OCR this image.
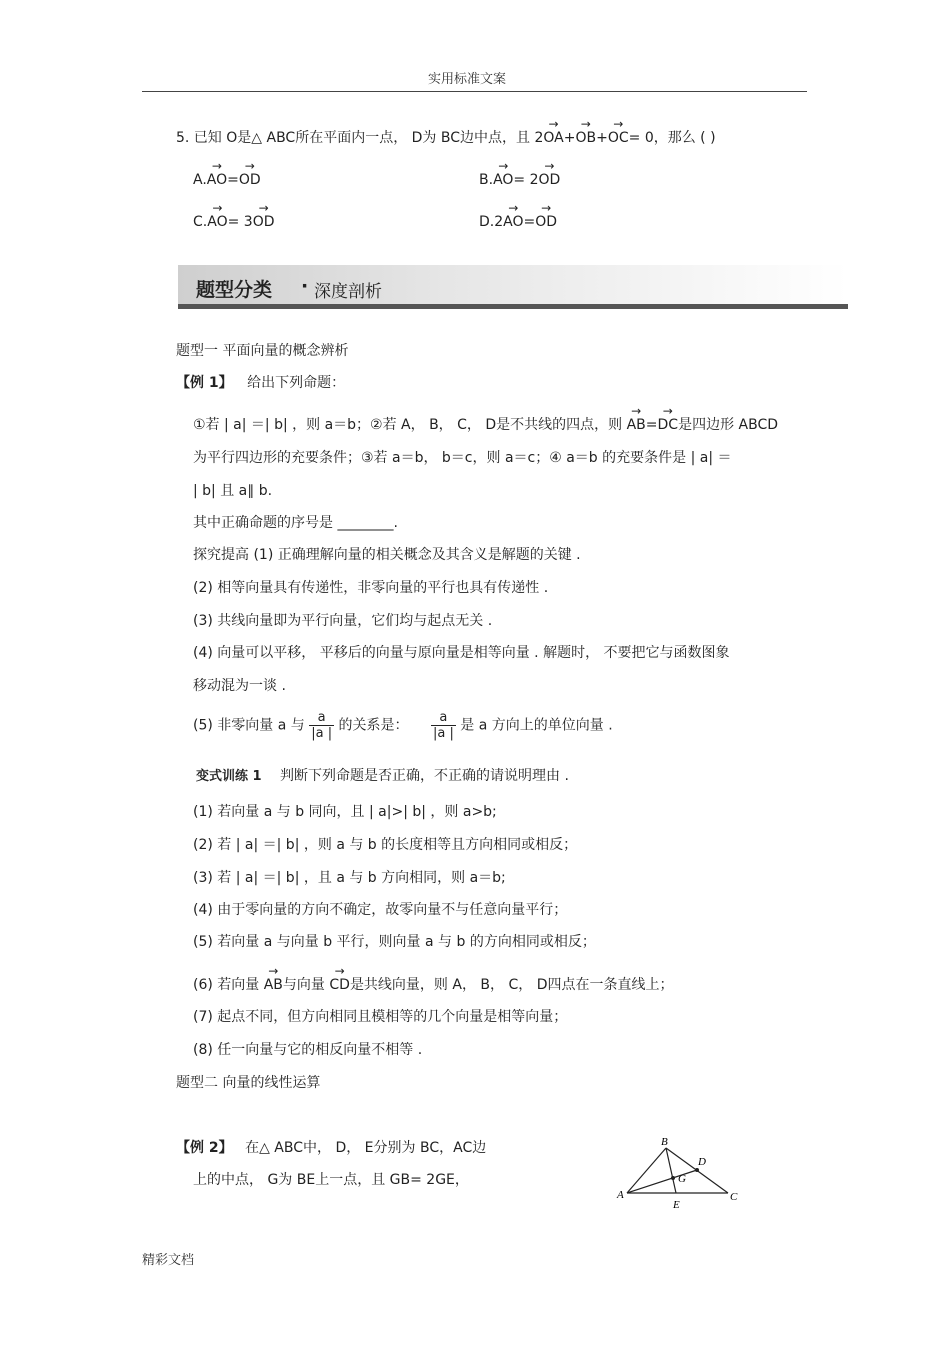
实用标准文案
5. 已知 O是△ ABC所在平面内一点， D为 BC边中点，且 2→ OA+→ OB+→ OC= 0，那么 ( )
A.→ AO=→ OD	B.→ AO= 2→ OD
C.→ AO= 3→ OD	D.2→ AO=→ OD
题型分类 · 深度剖析
题型一 平面向量的概念辨析
【例 1】 给出下列命题：
①若 | a| ＝| b| ，则 a＝b；②若 A， B， C， D是不共线的四点，则 → AB=→ DC是四边形 ABCD
为平行四边形的充要条件；③若 a＝b， b＝c，则 a＝c；④ a＝b 的充要条件是 | a| ＝
| b| 且 a∥ b.
其中正确命题的序号是 ________.
探究提高 (1) 正确理解向量的相关概念及其含义是解题的关键 .
(2) 相等向量具有传递性，非零向量的平行也具有传递性 .
(3) 共线向量即为平行向量，它们均与起点无关 .
(4) 向量可以平移， 平移后的向量与原向量是相等向量 . 解题时， 不要把它与函数图象
移动混为一谈 .
(5) 非零向量 a 与 $\frac{a}{|a |}$ 的关系是： $\frac{a}{|a |}$ 是 a 方向上的单位向量 .
变式训练 1 判断下列命题是否正确，不正确的请说明理由 .
(1) 若向量 a 与 b 同向，且 | a|>| b| ，则 a>b;
(2) 若 | a| ＝| b| ，则 a 与 b 的长度相等且方向相同或相反；
(3) 若 | a| ＝| b| ，且 a 与 b 方向相同，则 a＝b;
(4) 由于零向量的方向不确定，故零向量不与任意向量平行；
(5) 若向量 a 与向量 b 平行，则向量 a 与 b 的方向相同或相反；
(6) 若向量 → AB与向量 → CD是共线向量，则 A， B， C， D四点在一条直线上；
(7) 起点不同，但方向相同且模相等的几个向量是相等向量；
(8) 任一向量与它的相反向量不相等 .
题型二 向量的线性运算
【例 2】 在△ ABC中， D， E分别为 BC，AC边
上的中点， G为 BE上一点，且 GB= 2GE，
B
D
G
A
E
C
精彩文档
